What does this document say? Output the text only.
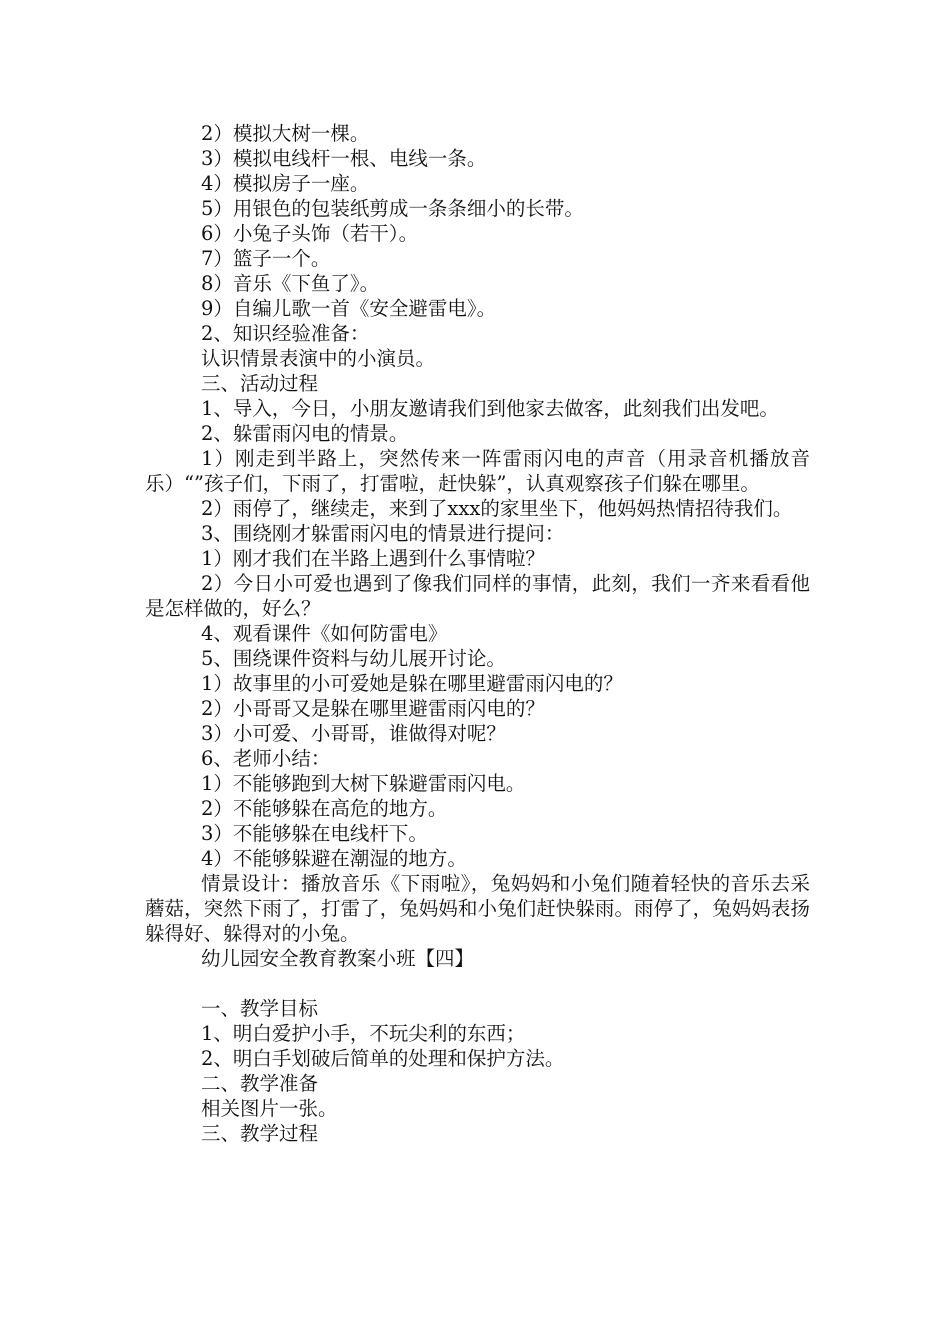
2）模拟大树一棵。
3）模拟电线杆一根、电线一条。
4）模拟房子一座。
5）用银色的包装纸剪成一条条细小的长带。
6）小兔子头饰（若干）。
7）篮子一个。
8）音乐《下鱼了》。
9）自编儿歌一首《安全避雷电》。
2、知识经验准备：
认识情景表演中的小演员。
三、活动过程
1、导入，今日，小朋友邀请我们到他家去做客，此刻我们出发吧。
2、躲雷雨闪电的情景。
1）刚走到半路上，突然传来一阵雷雨闪电的声音（用录音机播放音乐）“”孩子们，下雨了，打雷啦，赶快躲”，认真观察孩子们躲在哪里。
2）雨停了，继续走，来到了xxx的家里坐下，他妈妈热情招待我们。
3、围绕刚才躲雷雨闪电的情景进行提问：
1）刚才我们在半路上遇到什么事情啦？
2）今日小可爱也遇到了像我们同样的事情，此刻，我们一齐来看看他是怎样做的，好么？
4、观看课件《如何防雷电》
5、围绕课件资料与幼儿展开讨论。
1）故事里的小可爱她是躲在哪里避雷雨闪电的？
2）小哥哥又是躲在哪里避雷雨闪电的？
3）小可爱、小哥哥，谁做得对呢？
6、老师小结：
1）不能够跑到大树下躲避雷雨闪电。
2）不能够躲在高危的地方。
3）不能够躲在电线杆下。
4）不能够躲避在潮湿的地方。
情景设计：播放音乐《下雨啦》，兔妈妈和小兔们随着轻快的音乐去采蘑菇，突然下雨了，打雷了，兔妈妈和小兔们赶快躲雨。雨停了，兔妈妈表扬躲得好、躲得对的小兔。
幼儿园安全教育教案小班【四】
一、教学目标
1、明白爱护小手，不玩尖利的东西；
2、明白手划破后简单的处理和保护方法。
二、教学准备
相关图片一张。
三、教学过程
